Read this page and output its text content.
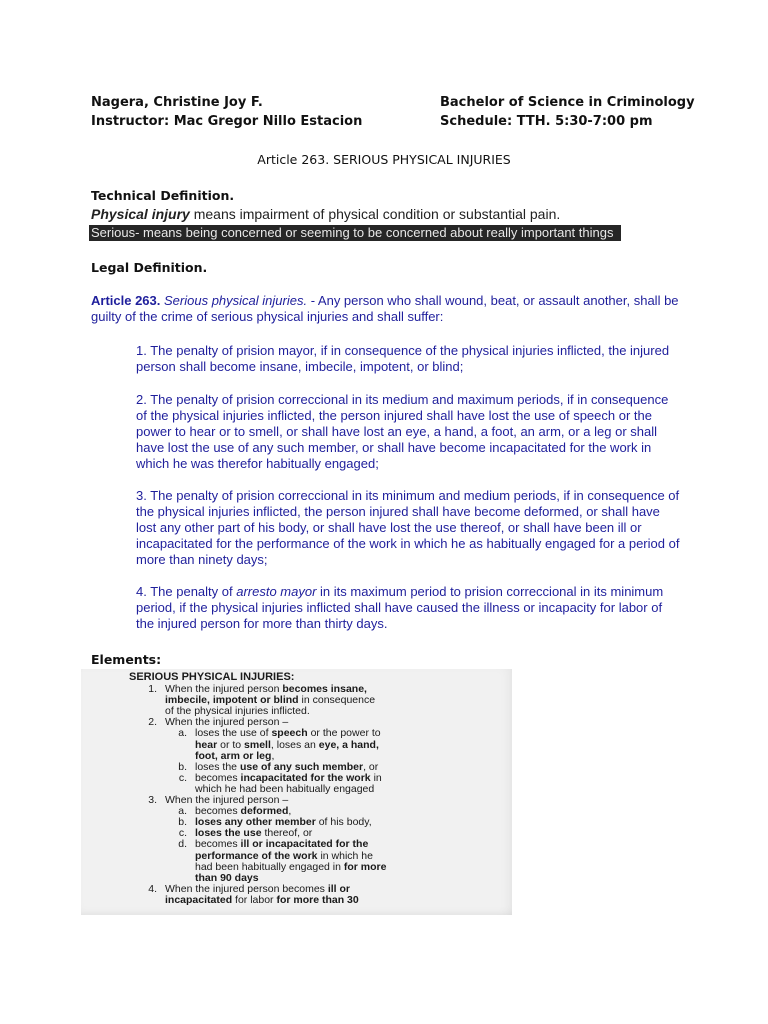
Nagera, Christine Joy F.
Instructor: Mac Gregor Nillo Estacion
Bachelor of Science in Criminology
Schedule: TTH. 5:30-7:00 pm
Article 263. SERIOUS PHYSICAL INJURIES
Technical Definition.
Physical injury means impairment of physical condition or substantial pain.
Serious- means being concerned or seeming to be concerned about really important things
Legal Definition.
Article 263. Serious physical injuries. - Any person who shall wound, beat, or assault another, shall be guilty of the crime of serious physical injuries and shall suffer:
1. The penalty of prision mayor, if in consequence of the physical injuries inflicted, the injured person shall become insane, imbecile, impotent, or blind;
2. The penalty of prision correccional in its medium and maximum periods, if in consequence of the physical injuries inflicted, the person injured shall have lost the use of speech or the power to hear or to smell, or shall have lost an eye, a hand, a foot, an arm, or a leg or shall have lost the use of any such member, or shall have become incapacitated for the work in which he was therefor habitually engaged;
3. The penalty of prision correccional in its minimum and medium periods, if in consequence of the physical injuries inflicted, the person injured shall have become deformed, or shall have lost any other part of his body, or shall have lost the use thereof, or shall have been ill or incapacitated for the performance of the work in which he as habitually engaged for a period of more than ninety days;
4. The penalty of arresto mayor in its maximum period to prision correccional in its minimum period, if the physical injuries inflicted shall have caused the illness or incapacity for labor of the injured person for more than thirty days.
Elements:
SERIOUS PHYSICAL INJURIES:
1. When the injured person becomes insane,
imbecile, impotent or blind in consequence
of the physical injuries inflicted.
2. When the injured person –
a. loses the use of speech or the power to
hear or to smell, loses an eye, a hand,
foot, arm or leg,
b. loses the use of any such member, or
c. becomes incapacitated for the work in
which he had been habitually engaged
3. When the injured person –
a. becomes deformed,
b. loses any other member of his body,
c. loses the use thereof, or
d. becomes ill or incapacitated for the
performance of the work in which he
had been habitually engaged in for more
than 90 days
4. When the injured person becomes ill or
incapacitated for labor for more than 30
